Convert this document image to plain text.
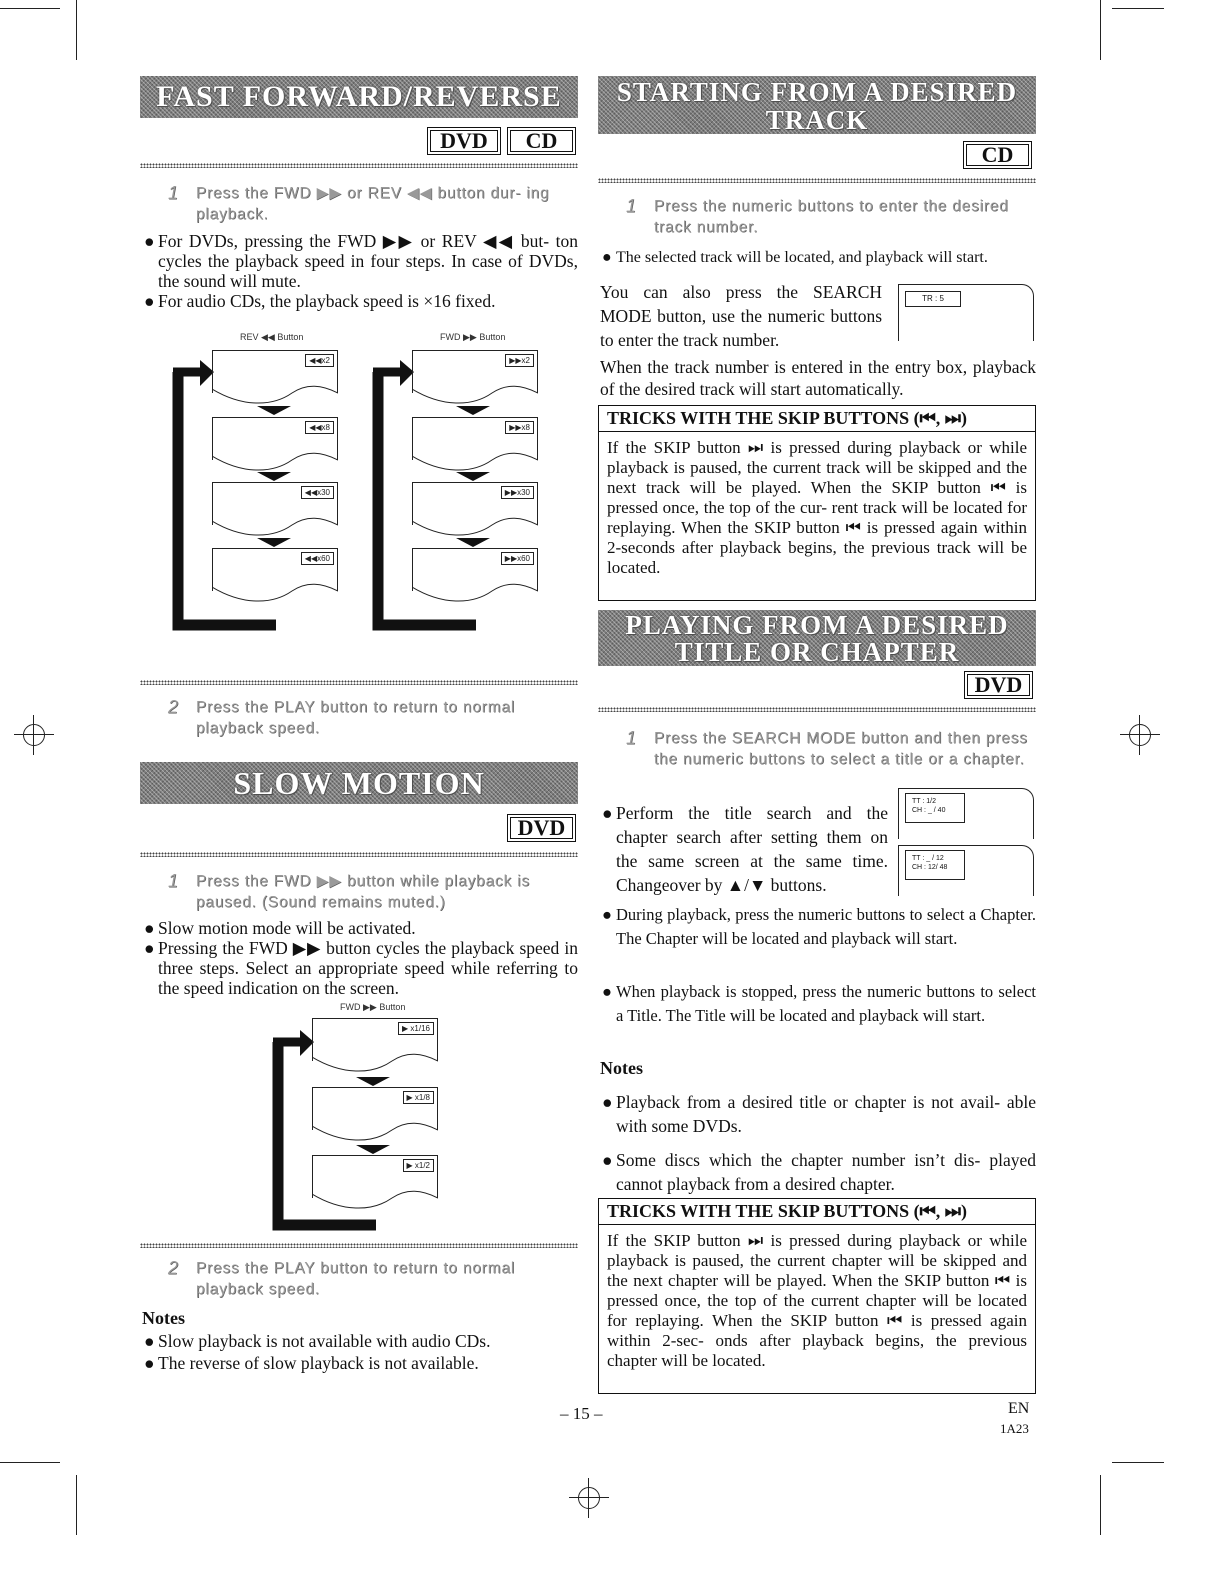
FAST FORWARD/REVERSE
DVD	CD
1 Press the FWD ▶▶ or REV ◀◀ button dur- ing playback.
● For DVDs, pressing the FWD ▶▶ or REV ◀◀ but- ton cycles the playback speed in four steps. In case of DVDs, the sound will mute.
● For audio CDs, the playback speed is ×16 fixed.
REV ◀◀ Button	FWD ▶▶ Button
◀◀x2
◀◀x8
◀◀x30
◀◀x60
▶▶x2
▶▶x8
▶▶x30
▶▶x60
2 Press the PLAY button to return to normal playback speed.
SLOW MOTION
DVD
1 Press the FWD ▶▶ button while playback is paused. (Sound remains muted.)
● Slow motion mode will be activated.
● Pressing the FWD ▶▶ button cycles the playback speed in three steps. Select an appropriate speed while referring to the speed indication on the screen.
FWD ▶▶ Button
▶ x1/16
▶ x1/8
▶ x1/2
2 Press the PLAY button to return to normal playback speed.
Notes
● Slow playback is not available with audio CDs.
● The reverse of slow playback is not available.
STARTING FROM A DESIRED
TRACK
CD
1 Press the numeric buttons to enter the desired track number.
● The selected track will be located, and playback will start.
You can also press the SEARCH MODE button, use the numeric buttons to enter the track number.
TR : 5
When the track number is entered in the entry box, playback of the desired track will start automatically.
TRICKS WITH THE SKIP BUTTONS (⏮, ⏭)
If the SKIP button ⏭ is pressed during playback or while playback is paused, the current track will be skipped and the next track will be played. When the SKIP button ⏮ is pressed once, the top of the cur- rent track will be located for replaying. When the SKIP button ⏮ is pressed again within 2-seconds after playback begins, the previous track will be located.
PLAYING FROM A DESIRED
TITLE OR CHAPTER
DVD
1 Press the SEARCH MODE button and then press the numeric buttons to select a title or a chapter.
● Perform the title search and the chapter search after setting them on the same screen at the same time. Changeover by ▲/▼ buttons.
TT : 1/2
CH : _ / 40
TT : _ / 12
CH : 12/ 48
● During playback, press the numeric buttons to select a Chapter. The Chapter will be located and playback will start.
● When playback is stopped, press the numeric buttons to select a Title. The Title will be located and playback will start.
Notes
● Playback from a desired title or chapter is not avail- able with some DVDs.
● Some discs which the chapter number isn’t dis- played cannot playback from a desired chapter.
TRICKS WITH THE SKIP BUTTONS (⏮, ⏭)
If the SKIP button ⏭ is pressed during playback or while playback is paused, the current chapter will be skipped and the next chapter will be played. When the SKIP button ⏮ is pressed once, the top of the current chapter will be located for replaying. When the SKIP button ⏮ is pressed again within 2-sec- onds after playback begins, the previous chapter will be located.
– 15 –	EN
1A23
